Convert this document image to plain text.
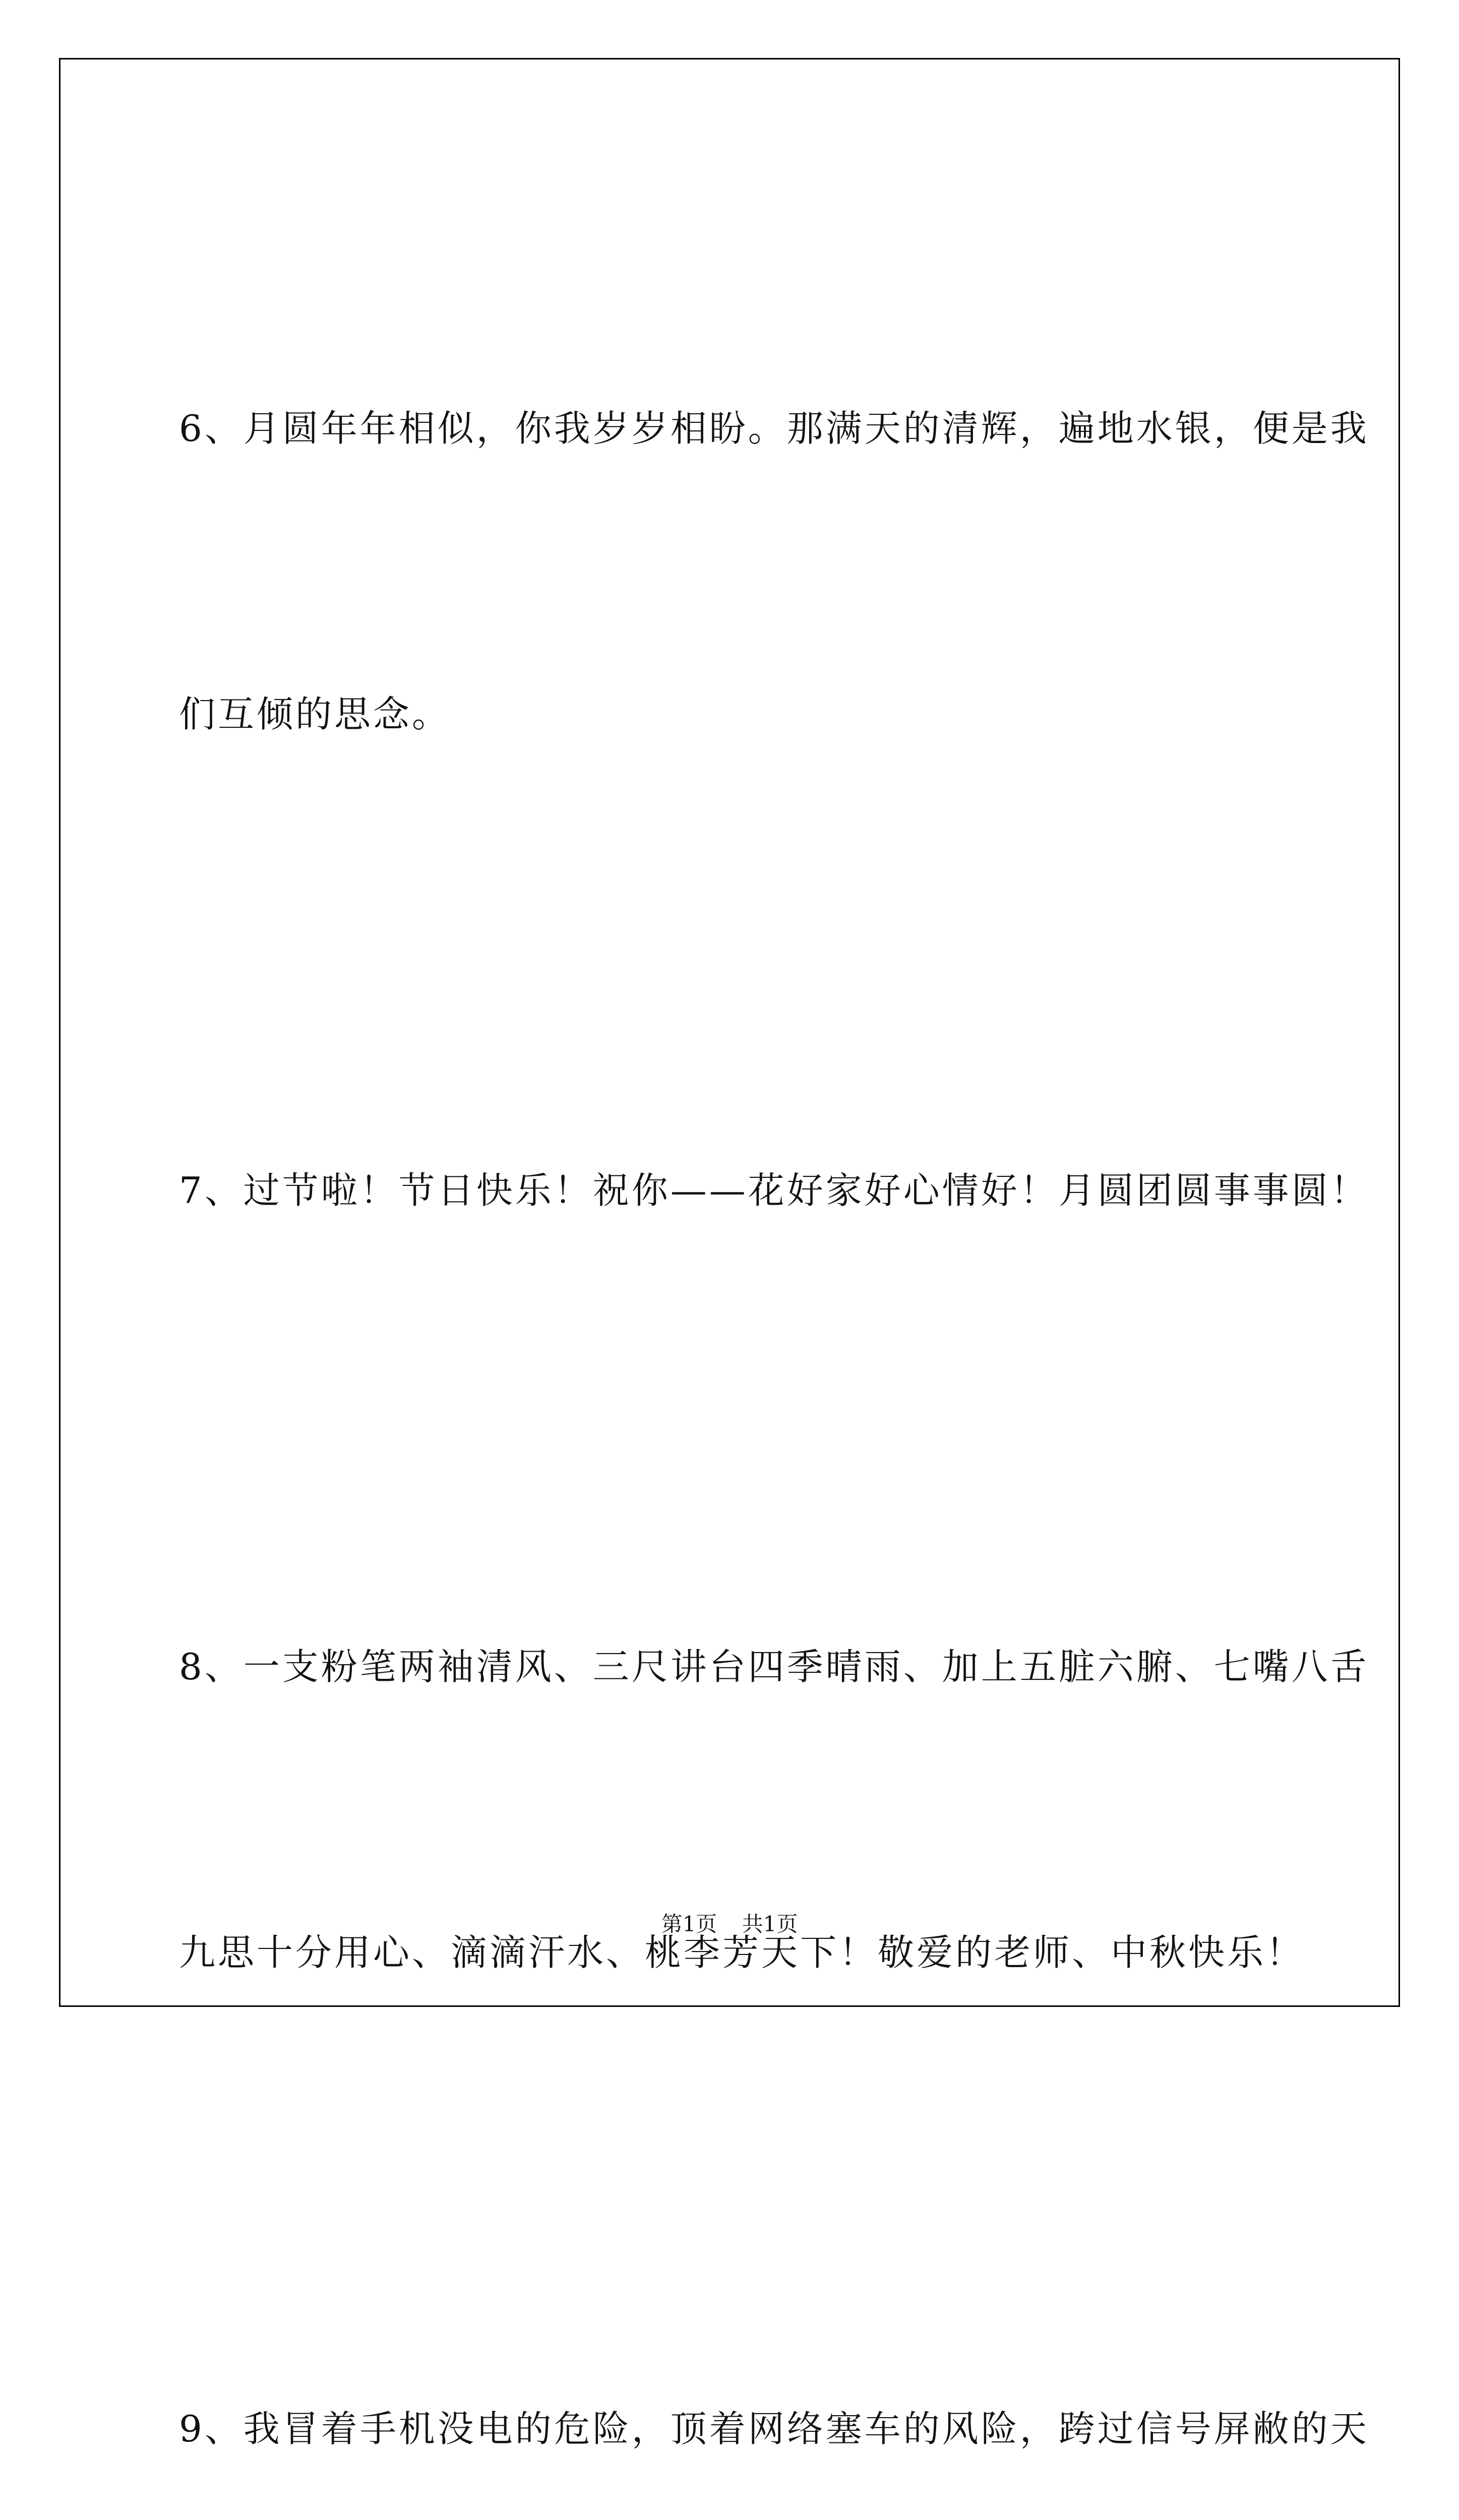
6、月圆年年相似，你我岁岁相盼。那满天的清辉，遍地水银，便是我

们互倾的思念。

7、过节啦！节日快乐！祝你——花好家好心情好！月圆团圆事事圆！

8、一支粉笔两袖清风、三尺讲台四季晴雨、加上五脏六腑、七嘴八舌

九思十分用心、滴滴汗水、桃李芳天下！敬爱的老师、中秋快乐！

9、我冒着手机没电的危险，顶着网络塞车的风险，跨过信号屏敝的天

第1页 共1页
